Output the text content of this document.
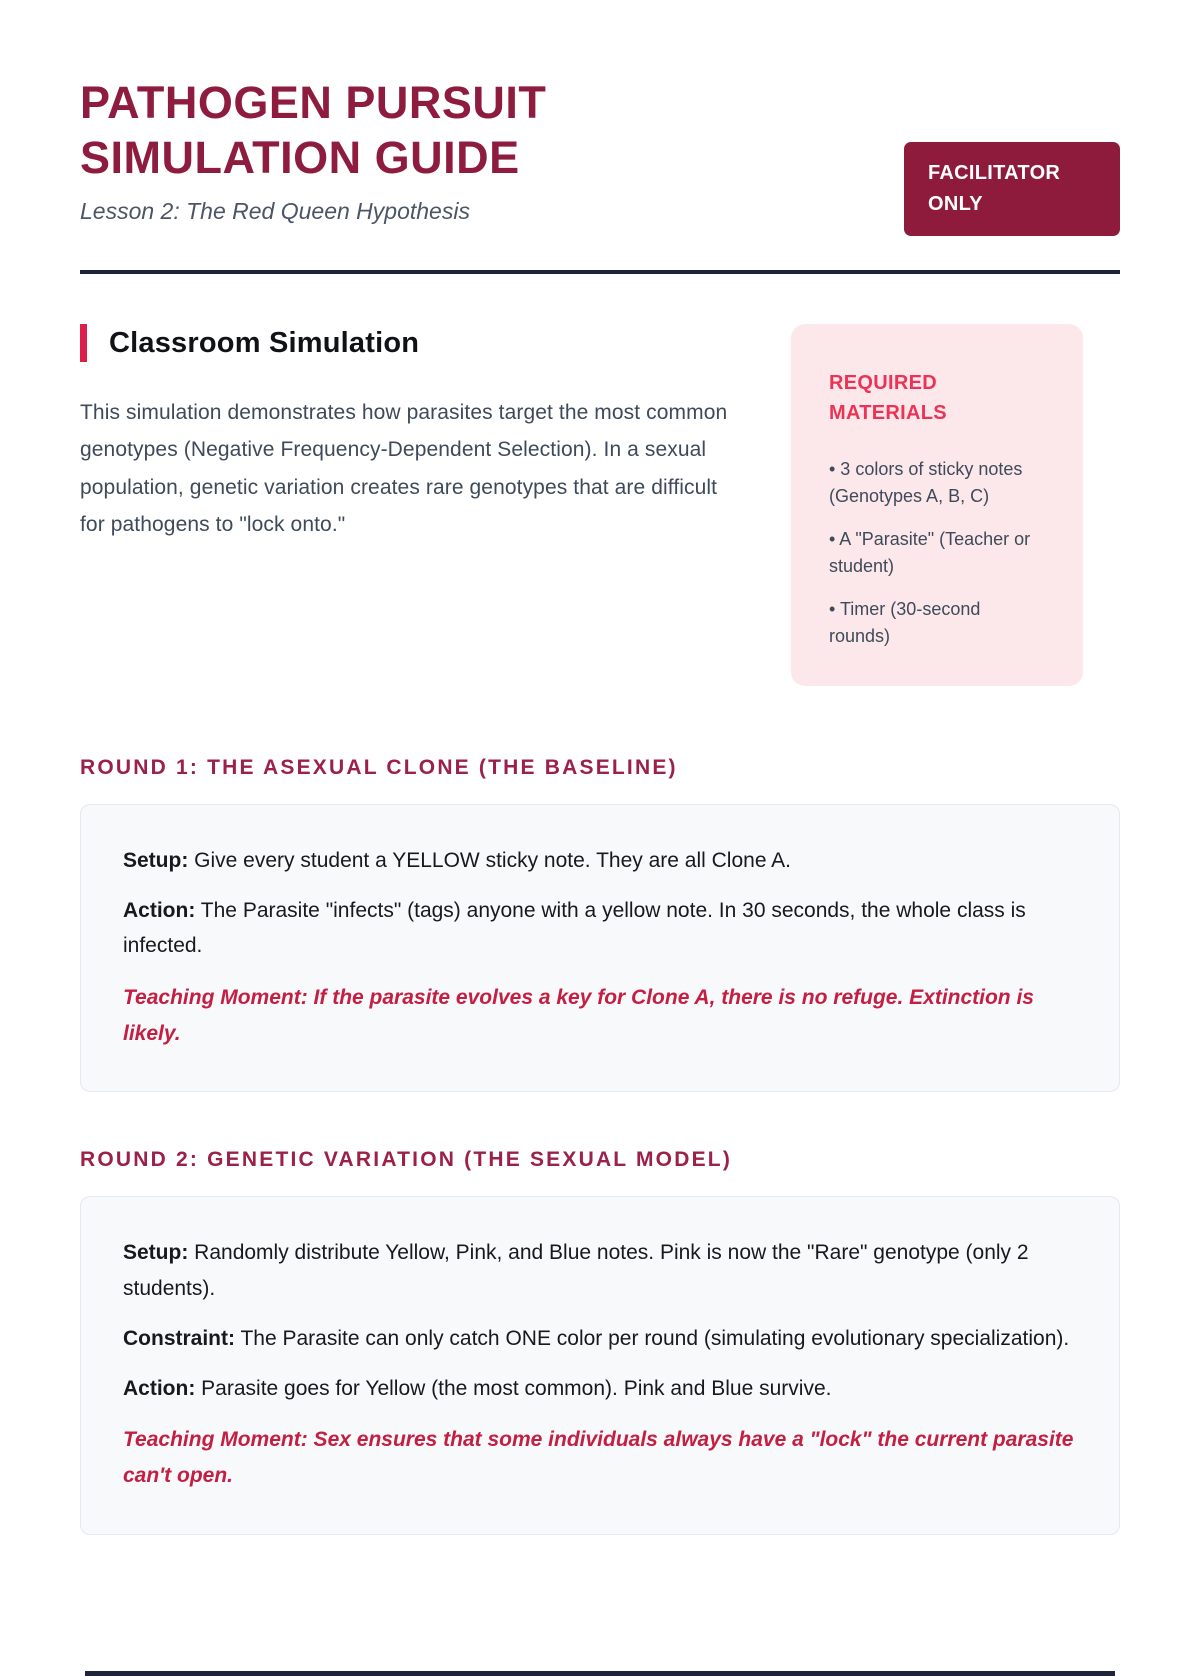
PATHOGEN PURSUIT SIMULATION GUIDE
Lesson 2: The Red Queen Hypothesis
FACILITATOR ONLY
Classroom Simulation

This simulation demonstrates how parasites target the most common genotypes (Negative Frequency-Dependent Selection). In a sexual population, genetic variation creates rare genotypes that are difficult for pathogens to "lock onto."

REQUIRED MATERIALS
• 3 colors of sticky notes (Genotypes A, B, C)
• A "Parasite" (Teacher or student)
• Timer (30-second rounds)
ROUND 1: THE ASEXUAL CLONE (THE BASELINE)

Setup: Give every student a YELLOW sticky note. They are all Clone A.

Action: The Parasite "infects" (tags) anyone with a yellow note. In 30 seconds, the whole class is infected.

Teaching Moment: If the parasite evolves a key for Clone A, there is no refuge. Extinction is likely.

ROUND 2: GENETIC VARIATION (THE SEXUAL MODEL)

Setup: Randomly distribute Yellow, Pink, and Blue notes. Pink is now the "Rare" genotype (only 2 students).

Constraint: The Parasite can only catch ONE color per round (simulating evolutionary specialization).

Action: Parasite goes for Yellow (the most common). Pink and Blue survive.

Teaching Moment: Sex ensures that some individuals always have a "lock" the current parasite can't open.
